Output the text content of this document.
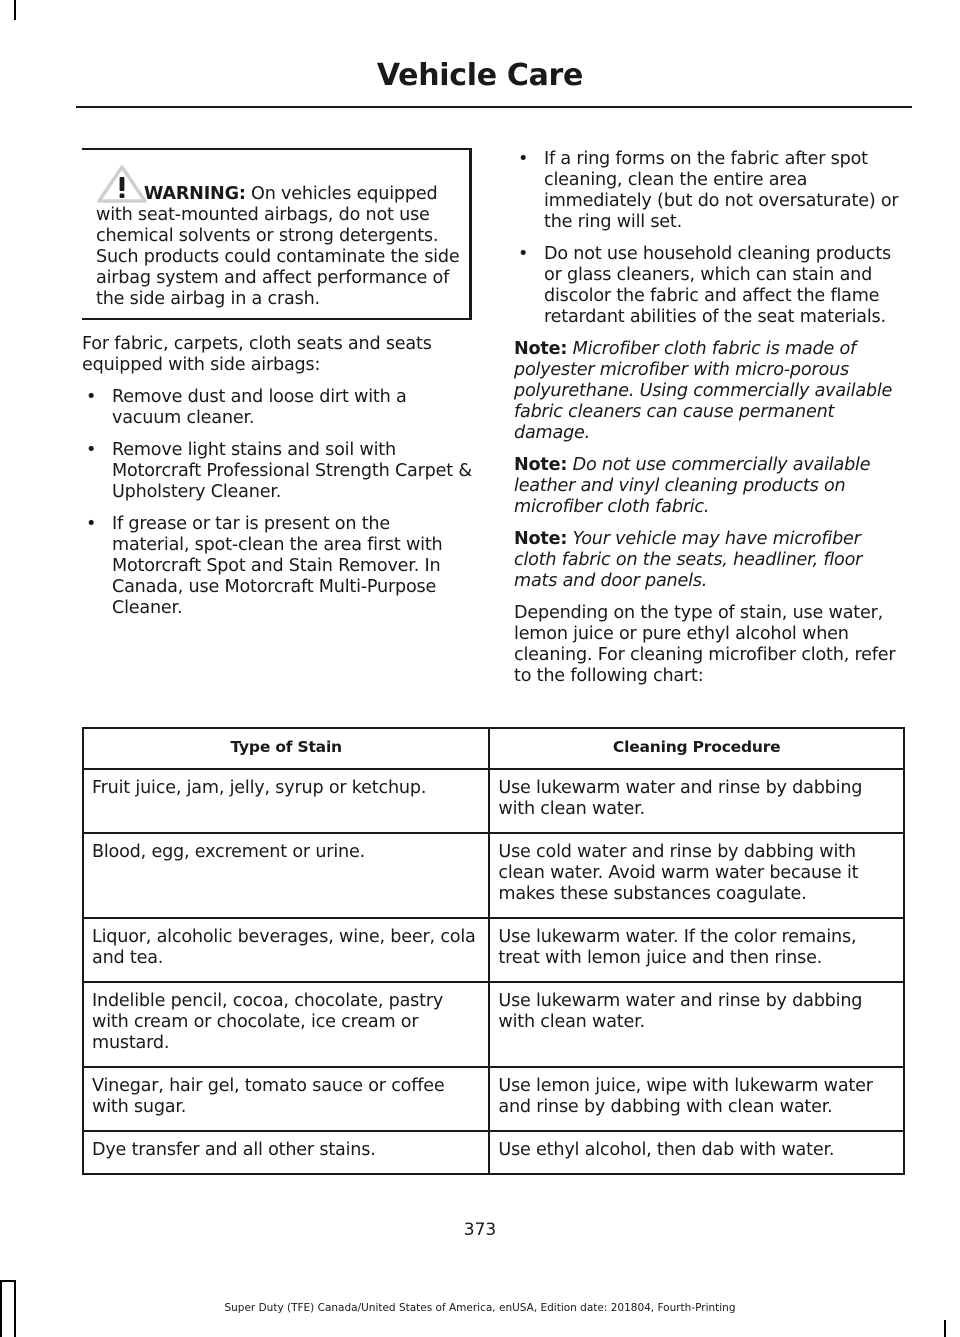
Vehicle Care
WARNING: On vehicles equipped with seat-mounted airbags, do not use chemical solvents or strong detergents. Such products could contaminate the side airbag system and affect performance of the side airbag in a crash.

For fabric, carpets, cloth seats and seats equipped with side airbags:

• Remove dust and loose dirt with a vacuum cleaner.
• Remove light stains and soil with Motorcraft Professional Strength Carpet & Upholstery Cleaner.
• If grease or tar is present on the material, spot-clean the area first with Motorcraft Spot and Stain Remover. In Canada, use Motorcraft Multi-Purpose Cleaner.
• If a ring forms on the fabric after spot cleaning, clean the entire area immediately (but do not oversaturate) or the ring will set.
• Do not use household cleaning products or glass cleaners, which can stain and discolor the fabric and affect the flame retardant abilities of the seat materials.

Note: Microfiber cloth fabric is made of polyester microfiber with micro-porous polyurethane. Using commercially available fabric cleaners can cause permanent damage.

Note: Do not use commercially available leather and vinyl cleaning products on microfiber cloth fabric.

Note: Your vehicle may have microfiber cloth fabric on the seats, headliner, floor mats and door panels.

Depending on the type of stain, use water, lemon juice or pure ethyl alcohol when cleaning. For cleaning microfiber cloth, refer to the following chart:

Type of Stain	Cleaning Procedure
Fruit juice, jam, jelly, syrup or ketchup.	Use lukewarm water and rinse by dabbing with clean water.
Blood, egg, excrement or urine.	Use cold water and rinse by dabbing with clean water. Avoid warm water because it makes these substances coagulate.
Liquor, alcoholic beverages, wine, beer, cola and tea.	Use lukewarm water. If the color remains, treat with lemon juice and then rinse.
Indelible pencil, cocoa, chocolate, pastry with cream or chocolate, ice cream or mustard.	Use lukewarm water and rinse by dabbing with clean water.
Vinegar, hair gel, tomato sauce or coffee with sugar.	Use lemon juice, wipe with lukewarm water and rinse by dabbing with clean water.
Dye transfer and all other stains.	Use ethyl alcohol, then dab with water.
373
Super Duty (TFE) Canada/United States of America, enUSA, Edition date: 201804, Fourth-Printing
